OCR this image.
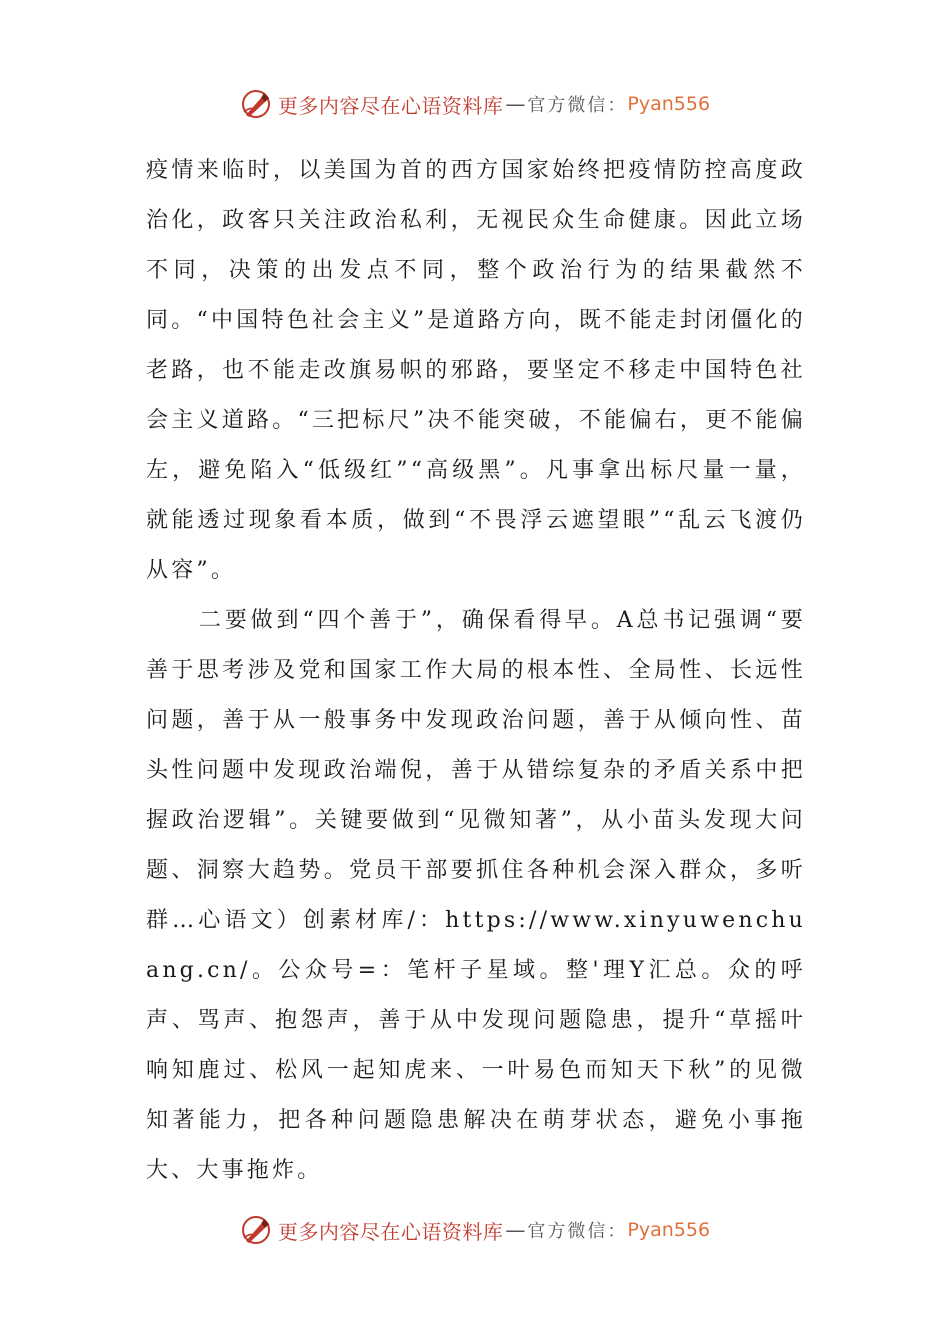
更多内容尽在心语资料库 — 官方微信： Pyan556

疫情来临时，以美国为首的西方国家始终把疫情防控高度政治化，政客只关注政治私利，无视民众生命健康。因此立场不同，决策的出发点不同，整个政治行为的结果截然不同。“中国特色社会主义”是道路方向，既不能走封闭僵化的老路，也不能走改旗易帜的邪路，要坚定不移走中国特色社会主义道路。“三把标尺”决不能突破，不能偏右，更不能偏左，避免陷入“低级红”“高级黑”。凡事拿出标尺量一量，就能透过现象看本质，做到“不畏浮云遮望眼”“乱云飞渡仍从容”。

二要做到“四个善于”，确保看得早。A总书记强调“要善于思考涉及党和国家工作大局的根本性、全局性、长远性问题，善于从一般事务中发现政治问题，善于从倾向性、苗头性问题中发现政治端倪，善于从错综复杂的矛盾关系中把握政治逻辑”。关键要做到“见微知著”，从小苗头发现大问题、洞察大趋势。党员干部要抓住各种机会深入群众，多听群…心语文）创素材库/：https://www.xinyuwenchuang.cn/。公众号=：笔杆子星域。整'理Y汇总。众的呼声、骂声、抱怨声，善于从中发现问题隐患，提升“草摇叶响知鹿过、松风一起知虎来、一叶易色而知天下秋”的见微知著能力，把各种问题隐患解决在萌芽状态，避免小事拖大、大事拖炸。

更多内容尽在心语资料库 — 官方微信： Pyan556
